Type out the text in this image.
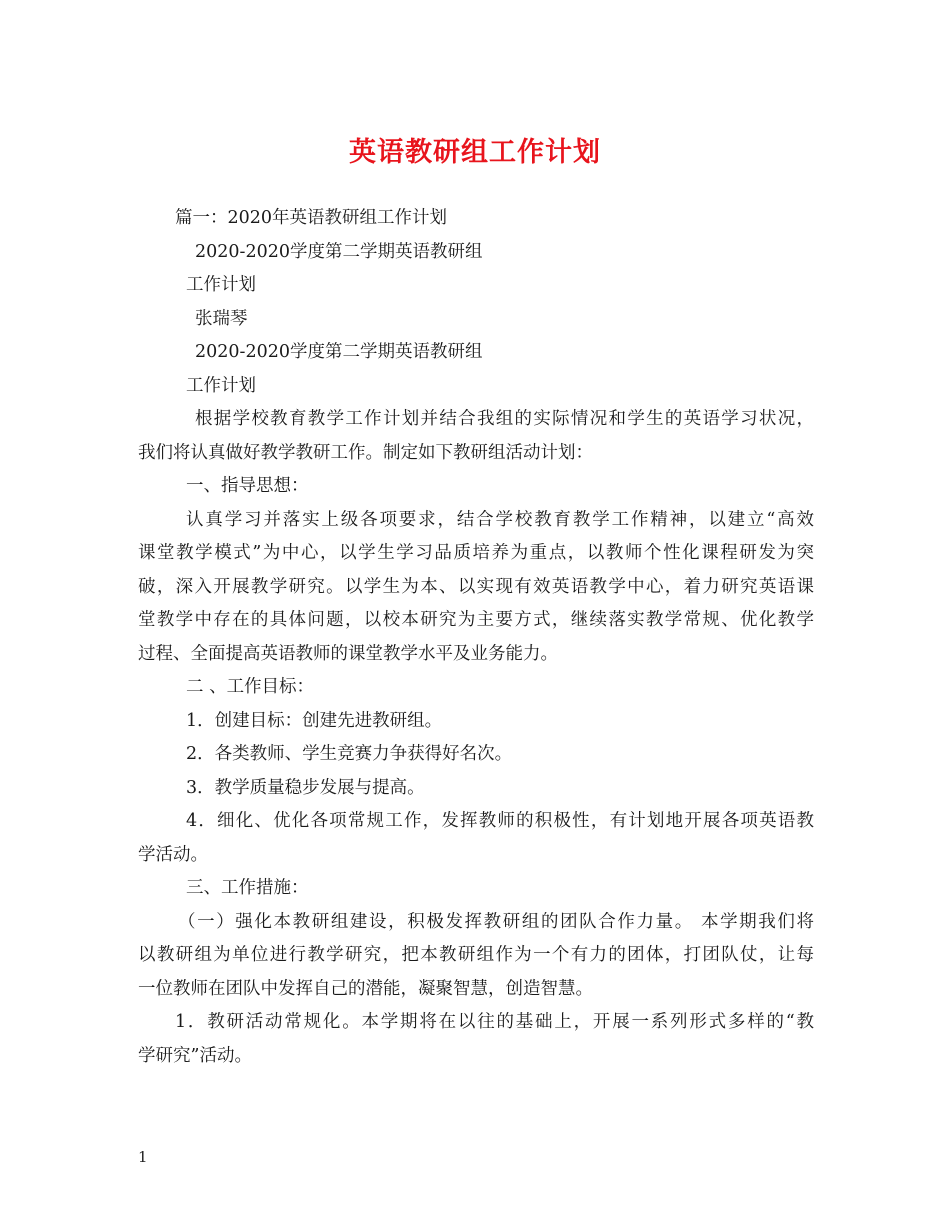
英语教研组工作计划
篇一：2020年英语教研组工作计划
2020-2020学度第二学期英语教研组
工作计划
张瑞琴
2020-2020学度第二学期英语教研组
工作计划
根据学校教育教学工作计划并结合我组的实际情况和学生的英语学习状况，
我们将认真做好教学教研工作。制定如下教研组活动计划：
一、指导思想：
认真学习并落实上级各项要求，结合学校教育教学工作精神，以建立“高效
课堂教学模式”为中心，以学生学习品质培养为重点，以教师个性化课程研发为突
破，深入开展教学研究。以学生为本、以实现有效英语教学中心，着力研究英语课
堂教学中存在的具体问题，以校本研究为主要方式，继续落实教学常规、优化教学
过程、全面提高英语教师的课堂教学水平及业务能力。
二 、工作目标：
1．创建目标：创建先进教研组。
2．各类教师、学生竞赛力争获得好名次。
3．教学质量稳步发展与提高。
4．细化、优化各项常规工作，发挥教师的积极性，有计划地开展各项英语教
学活动。
三、工作措施：
（一）强化本教研组建设，积极发挥教研组的团队合作力量。 本学期我们将
以教研组为单位进行教学研究，把本教研组作为一个有力的团体，打团队仗，让每
一位教师在团队中发挥自己的潜能，凝聚智慧，创造智慧。
1．教研活动常规化。本学期将在以往的基础上，开展一系列形式多样的“教
学研究”活动。
1
